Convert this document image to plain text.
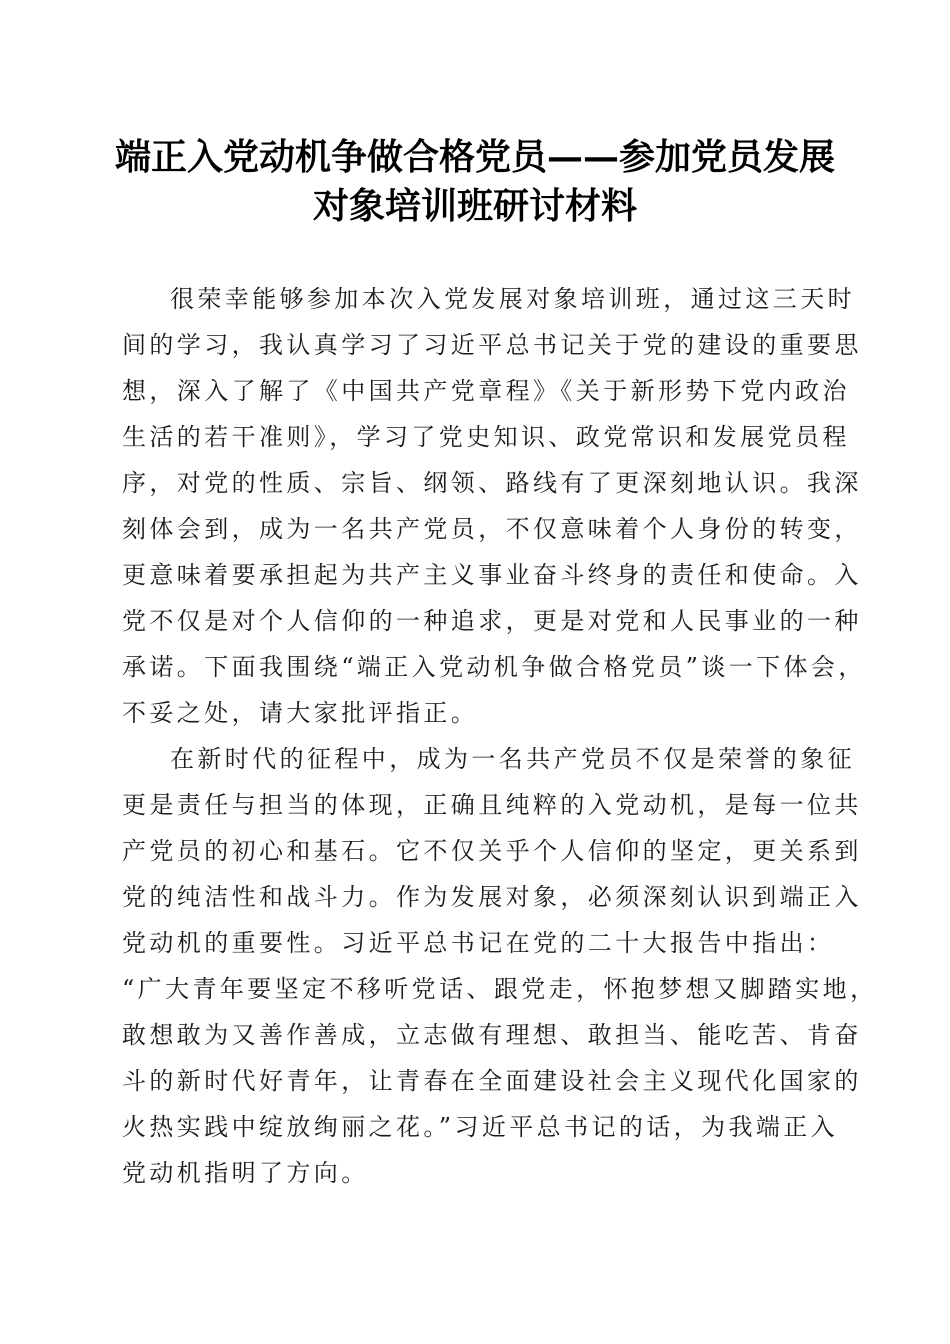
端正入党动机争做合格党员——参加党员发展
对象培训班研讨材料
很荣幸能够参加本次入党发展对象培训班，通过这三天时
间的学习，我认真学习了习近平总书记关于党的建设的重要思
想，深入了解了《中国共产党章程》《关于新形势下党内政治
生活的若干准则》，学习了党史知识、政党常识和发展党员程
序，对党的性质、宗旨、纲领、路线有了更深刻地认识。我深
刻体会到，成为一名共产党员，不仅意味着个人身份的转变，
更意味着要承担起为共产主义事业奋斗终身的责任和使命。入
党不仅是对个人信仰的一种追求，更是对党和人民事业的一种
承诺。下面我围绕“端正入党动机争做合格党员”谈一下体会，
不妥之处，请大家批评指正。
在新时代的征程中，成为一名共产党员不仅是荣誉的象征
更是责任与担当的体现，正确且纯粹的入党动机，是每一位共
产党员的初心和基石。它不仅关乎个人信仰的坚定，更关系到
党的纯洁性和战斗力。作为发展对象，必须深刻认识到端正入
党动机的重要性。习近平总书记在党的二十大报告中指出：
“广大青年要坚定不移听党话、跟党走，怀抱梦想又脚踏实地，
敢想敢为又善作善成，立志做有理想、敢担当、能吃苦、肯奋
斗的新时代好青年，让青春在全面建设社会主义现代化国家的
火热实践中绽放绚丽之花。”习近平总书记的话，为我端正入
党动机指明了方向。
